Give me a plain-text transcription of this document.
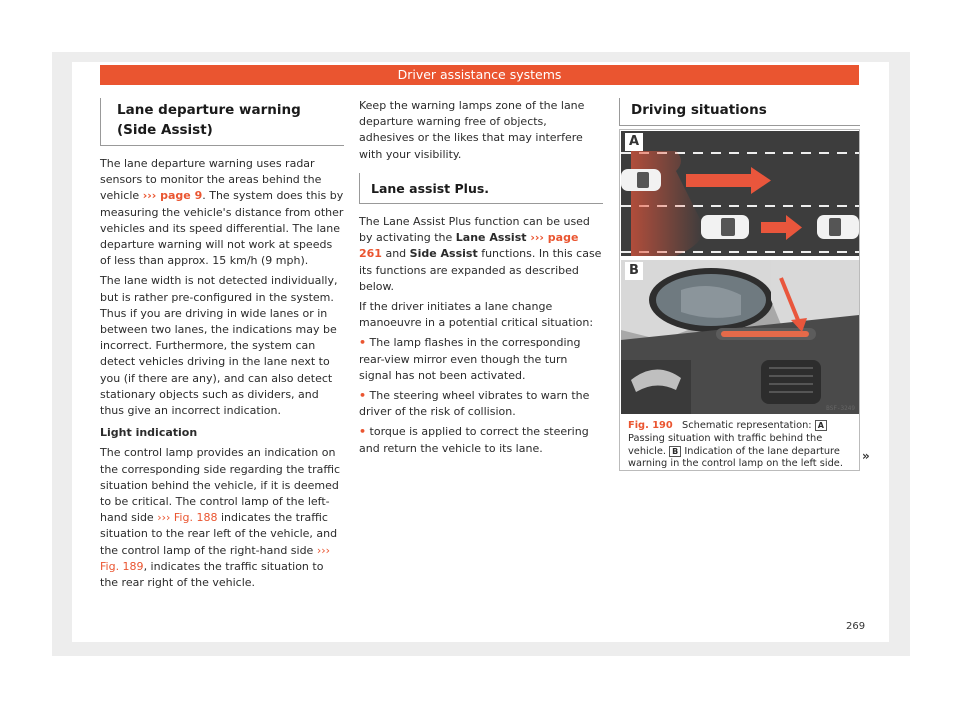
Driver assistance systems
Lane departure warning (Side Assist)

The lane departure warning uses radar sensors to monitor the areas behind the vehicle ››› page 9. The system does this by measuring the vehicle's distance from other vehicles and its speed differential. The lane departure warning will not work at speeds of less than approx. 15 km/h (9 mph).

The lane width is not detected individually, but is rather pre-configured in the system. Thus if you are driving in wide lanes or in between two lanes, the indications may be incorrect. Furthermore, the system can detect vehicles driving in the lane next to you (if there are any), and can also detect stationary objects such as dividers, and thus give an incorrect indication.

Light indication

The control lamp provides an indication on the corresponding side regarding the traffic situation behind the vehicle, if it is deemed to be critical. The control lamp of the left-hand side ››› Fig. 188 indicates the traffic situation to the rear left of the vehicle, and the control lamp of the right-hand side ››› Fig. 189, indicates the traffic situation to the rear right of the vehicle.

Keep the warning lamps zone of the lane departure warning free of objects, adhesives or the likes that may interfere with your visibility.

Lane assist Plus.

The Lane Assist Plus function can be used by activating the Lane Assist ››› page 261 and Side Assist functions. In this case its functions are expanded as described below.

If the driver initiates a lane change manoeuvre in a potential critical situation:

• The lamp flashes in the corresponding rear-view mirror even though the turn signal has not been activated.

• The steering wheel vibrates to warn the driver of the risk of collision.

• torque is applied to correct the steering and return the vehicle to its lane.

Driving situations
A
B
BSF-3249
Fig. 190 Schematic representation: A Passing situation with traffic behind the vehicle. B Indication of the lane departure warning in the control lamp on the left side.
»
269
